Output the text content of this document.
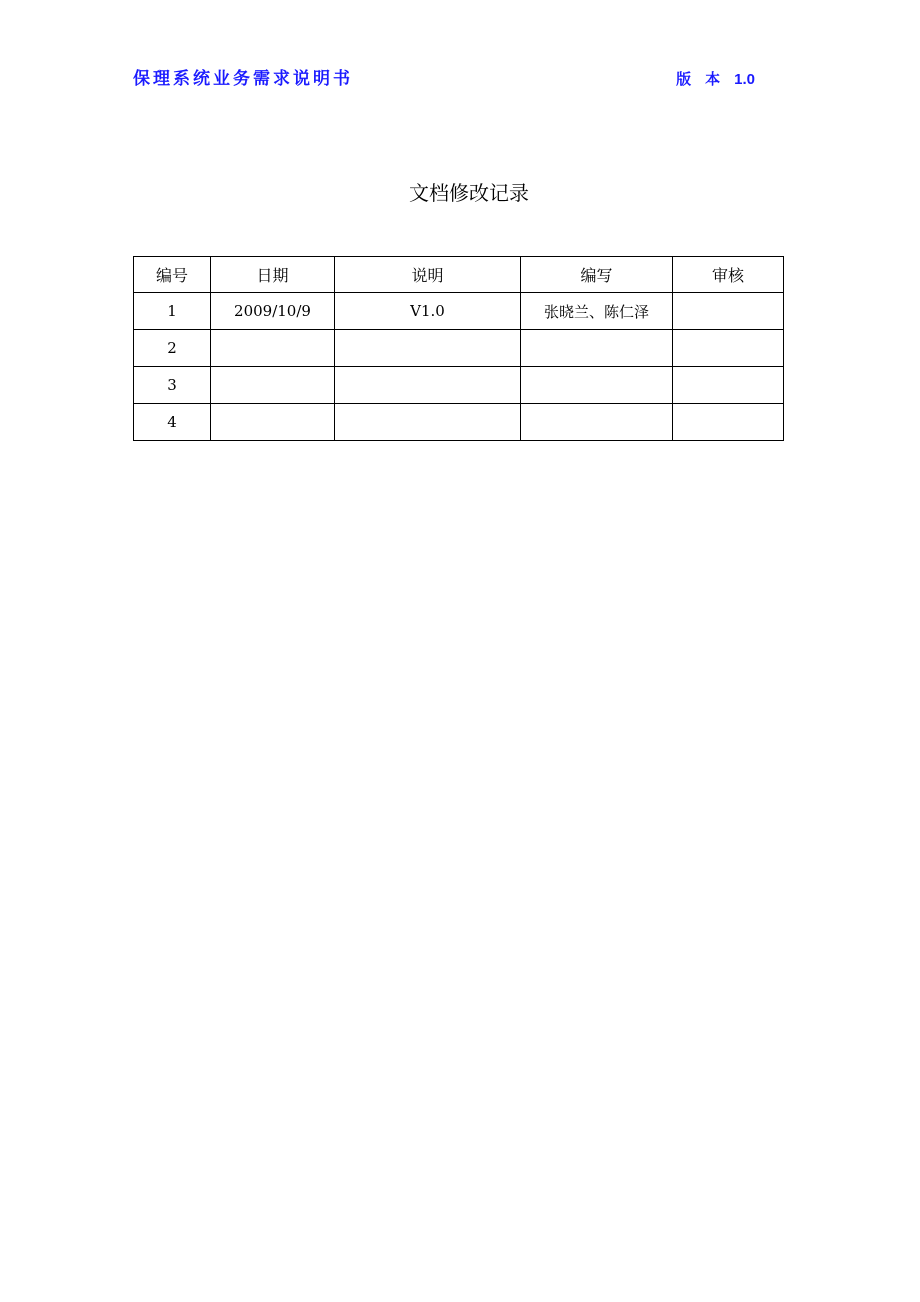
保理系统业务需求说明书	版本1.0
文档修改记录
编号	日期	说明	编写	审核
1	2009/10/9	V1.0	张晓兰、陈仁泽	
2				
3				
4				
